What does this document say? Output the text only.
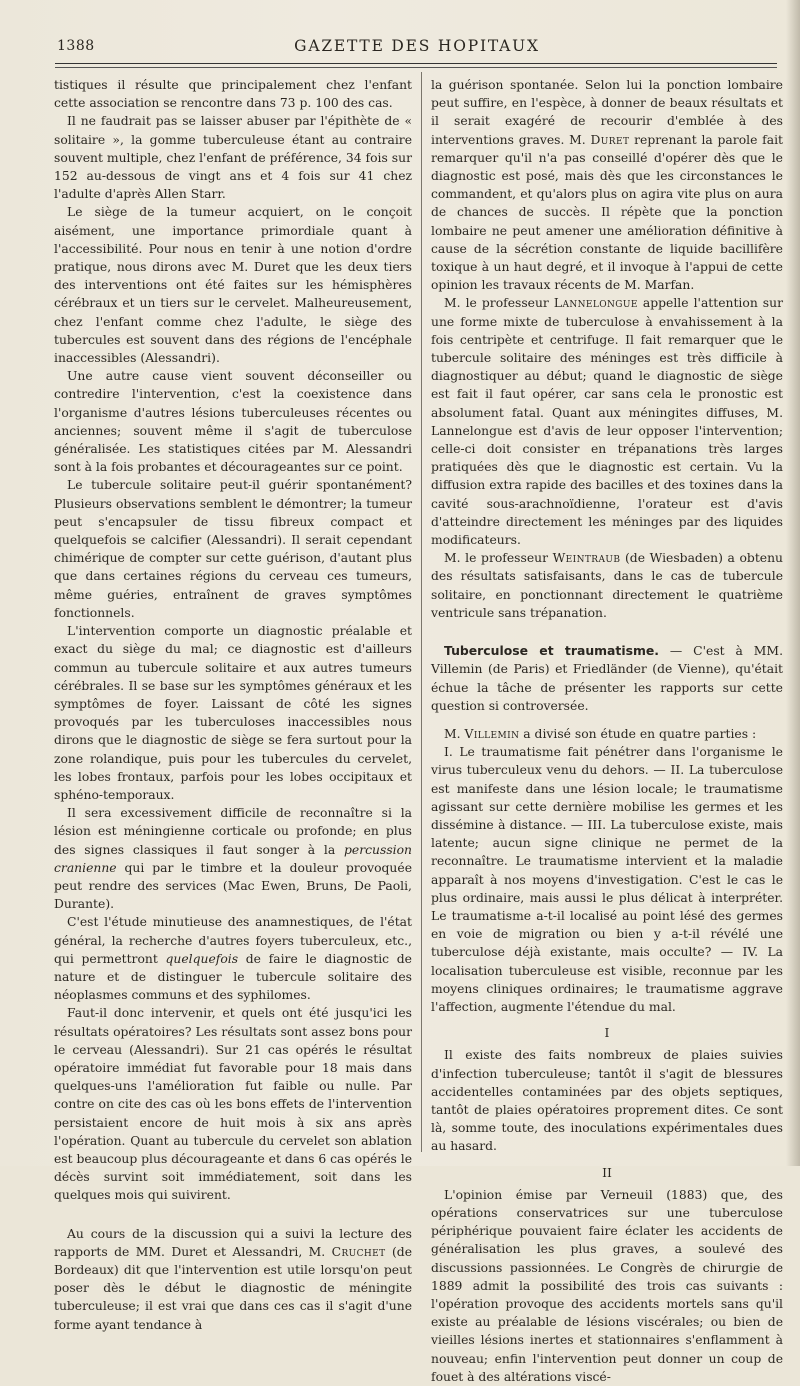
1388	GAZETTE DES HOPITAUX

tistiques il résulte que principalement chez l'enfant cette association se rencontre dans 73 p. 100 des cas.

Il ne faudrait pas se laisser abuser par l'épithète de « solitaire », la gomme tuberculeuse étant au contraire souvent multiple, chez l'enfant de préférence, 34 fois sur 152 au-dessous de vingt ans et 4 fois sur 41 chez l'adulte d'après Allen Starr.

Le siège de la tumeur acquiert, on le conçoit aisément, une importance primordiale quant à l'accessibilité. Pour nous en tenir à une notion d'ordre pratique, nous dirons avec M. Duret que les deux tiers des interventions ont été faites sur les hémisphères cérébraux et un tiers sur le cervelet. Malheureusement, chez l'enfant comme chez l'adulte, le siège des tubercules est souvent dans des régions de l'encéphale inaccessibles (Alessandri).

Une autre cause vient souvent déconseiller ou contredire l'intervention, c'est la coexistence dans l'organisme d'autres lésions tuberculeuses récentes ou anciennes; souvent même il s'agit de tuberculose généralisée. Les statistiques citées par M. Alessandri sont à la fois probantes et décourageantes sur ce point.

Le tubercule solitaire peut-il guérir spontanément? Plusieurs observations semblent le démontrer; la tumeur peut s'encapsuler de tissu fibreux compact et quelquefois se calcifier (Alessandri). Il serait cependant chimérique de compter sur cette guérison, d'autant plus que dans certaines régions du cerveau ces tumeurs, même guéries, entraînent de graves symptômes fonctionnels.

L'intervention comporte un diagnostic préalable et exact du siège du mal; ce diagnostic est d'ailleurs commun au tubercule solitaire et aux autres tumeurs cérébrales. Il se base sur les symptômes généraux et les symptômes de foyer. Laissant de côté les signes provoqués par les tuberculoses inaccessibles nous dirons que le diagnostic de siège se fera surtout pour la zone rolandique, puis pour les tubercules du cervelet, les lobes frontaux, parfois pour les lobes occipitaux et sphéno-temporaux.

Il sera excessivement difficile de reconnaître si la lésion est méningienne corticale ou profonde; en plus des signes classiques il faut songer à la percussion cranienne qui par le timbre et la douleur provoquée peut rendre des services (Mac Ewen, Bruns, De Paoli, Durante).

C'est l'étude minutieuse des anamnestiques, de l'état général, la recherche d'autres foyers tuberculeux, etc., qui permettront quelquefois de faire le diagnostic de nature et de distinguer le tubercule solitaire des néoplasmes communs et des syphilomes.

Faut-il donc intervenir, et quels ont été jusqu'ici les résultats opératoires? Les résultats sont assez bons pour le cerveau (Alessandri). Sur 21 cas opérés le résultat opératoire immédiat fut favorable pour 18 mais dans quelques-uns l'amélioration fut faible ou nulle. Par contre on cite des cas où les bons effets de l'intervention persistaient encore de huit mois à six ans après l'opération. Quant au tubercule du cervelet son ablation est beaucoup plus décourageante et dans 6 cas opérés le décès survint soit immédiatement, soit dans les quelques mois qui suivirent.

Au cours de la discussion qui a suivi la lecture des rapports de MM. Duret et Alessandri, M. Cruchet (de Bordeaux) dit que l'intervention est utile lorsqu'on peut poser dès le début le diagnostic de méningite tuberculeuse; il est vrai que dans ces cas il s'agit d'une forme ayant tendance à

la guérison spontanée. Selon lui la ponction lombaire peut suffire, en l'espèce, à donner de beaux résultats et il serait exagéré de recourir d'emblée à des interventions graves. M. Duret reprenant la parole fait remarquer qu'il n'a pas conseillé d'opérer dès que le diagnostic est posé, mais dès que les circonstances le commandent, et qu'alors plus on agira vite plus on aura de chances de succès. Il répète que la ponction lombaire ne peut amener une amélioration définitive à cause de la sécrétion constante de liquide bacillifère toxique à un haut degré, et il invoque à l'appui de cette opinion les travaux récents de M. Marfan.

M. le professeur Lannelongue appelle l'attention sur une forme mixte de tuberculose à envahissement à la fois centripète et centrifuge. Il fait remarquer que le tubercule solitaire des méninges est très difficile à diagnostiquer au début; quand le diagnostic de siège est fait il faut opérer, car sans cela le pronostic est absolument fatal. Quant aux méningites diffuses, M. Lannelongue est d'avis de leur opposer l'intervention; celle-ci doit consister en trépanations très larges pratiquées dès que le diagnostic est certain. Vu la diffusion extra rapide des bacilles et des toxines dans la cavité sous-arachnoïdienne, l'orateur est d'avis d'atteindre directement les méninges par des liquides modificateurs.

M. le professeur Weintraub (de Wiesbaden) a obtenu des résultats satisfaisants, dans le cas de tubercule solitaire, en ponctionnant directement le quatrième ventricule sans trépanation.

Tuberculose et traumatisme. — C'est à MM. Villemin (de Paris) et Friedländer (de Vienne), qu'était échue la tâche de présenter les rapports sur cette question si controversée.

M. Villemin a divisé son étude en quatre parties :

I. Le traumatisme fait pénétrer dans l'organisme le virus tuberculeux venu du dehors. — II. La tuberculose est manifeste dans une lésion locale; le traumatisme agissant sur cette dernière mobilise les germes et les dissémine à distance. — III. La tuberculose existe, mais latente; aucun signe clinique ne permet de la reconnaître. Le traumatisme intervient et la maladie apparaît à nos moyens d'investigation. C'est le cas le plus ordinaire, mais aussi le plus délicat à interpréter. Le traumatisme a-t-il localisé au point lésé des germes en voie de migration ou bien y a-t-il révélé une tuberculose déjà existante, mais occulte? — IV. La localisation tuberculeuse est visible, reconnue par les moyens cliniques ordinaires; le traumatisme aggrave l'affection, augmente l'étendue du mal.

I

Il existe des faits nombreux de plaies suivies d'infection tuberculeuse; tantôt il s'agit de blessures accidentelles contaminées par des objets septiques, tantôt de plaies opératoires proprement dites. Ce sont là, somme toute, des inoculations expérimentales dues au hasard.

II

L'opinion émise par Verneuil (1883) que, des opérations conservatrices sur une tuberculose périphérique pouvaient faire éclater les accidents de généralisation les plus graves, a soulevé des discussions passionnées. Le Congrès de chirurgie de 1889 admit la possibilité des trois cas suivants : l'opération provoque des accidents mortels sans qu'il existe au préalable de lésions viscérales; ou bien de vieilles lésions inertes et stationnaires s'enflamment à nouveau; enfin l'intervention peut donner un coup de fouet à des altérations viscé-
